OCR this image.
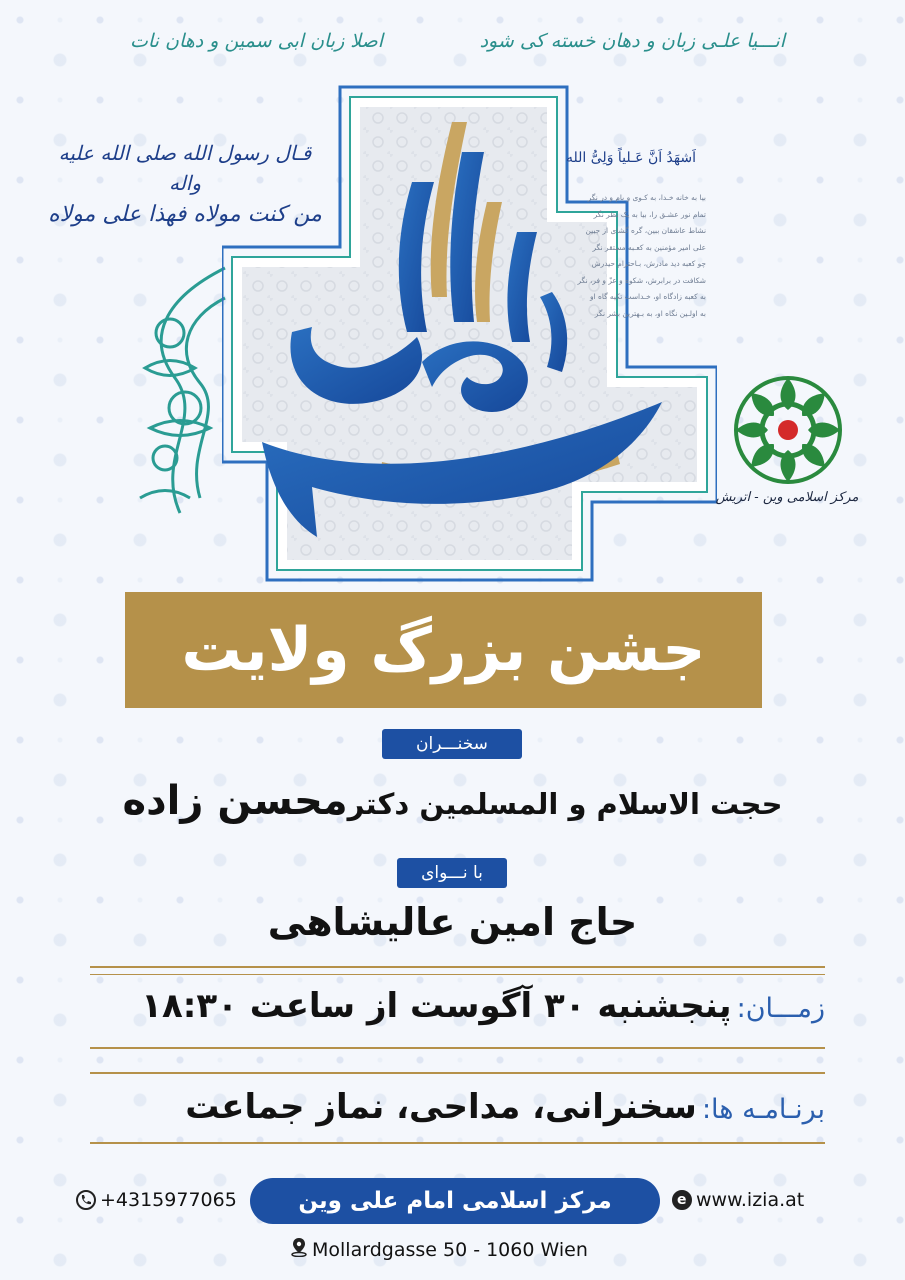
انـــیا علـی زبان و دهان خسته کی شود
اصلا زبان ابی سمین و دهان نات
قـال رسول الله صلی الله علیه واله
من کنت مولاه فهذا علی مولاه
اَشهَدُ اَنَّ عَـلیاً وَلِیُّ الله

بیا به خانه خـدا، به کـوی و بام و در نگر

تمام نور عشـق را، بیا به یک نظر نگر

نشاط عاشقان ببین، گره گشای از جبین

علی امیر مؤمنین به کعـبه مستقر نگر

چو کعبه دید مادرش، بـاحترام حیدرش

شکافت در برابرش، شکوه و عزّ و فر، نگر

به کعبه زادگاه او، خـداست تکیه گاه او

به اولـین نگاه او، به بـهترین بشر نگر

مرکز اسلامی وین - اتریش
جشن بزرگ ولایت
سخنـــران
حجت الاسلام و المسلمین دکترمحسن زاده
با نـــوای
حاج امین عالیشاهی
زمـــان: پنجشنبه ۳۰ آگوست از ساعت ۱۸:۳۰
برنـامـه ها: سخنرانی، مداحی، نماز جماعت
+4315977065	مرکز اسلامی امام علی وین	e www.izia.at
Mollardgasse 50 - 1060 Wien
